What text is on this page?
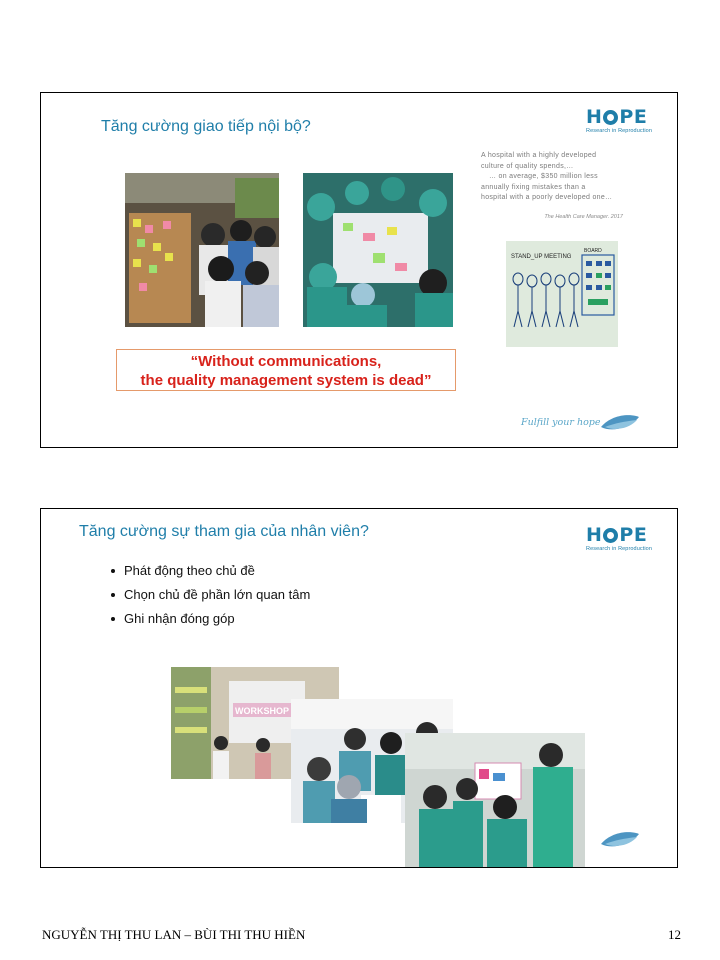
Tăng cường giao tiếp nội bộ?	H PE
Research in Reproduction
“Without communications,
the quality management system is dead”
A hospital with a highly developed
culture of quality spends,…
… on average, $350 million less
annually fixing mistakes than a
hospital with a poorly developed one…
The Health Care Manager. 2017
STAND_UP MEETING
BOARD
Fulfill your hope
Tăng cường sự tham gia của nhân viên?	H PE
Research in Reproduction
Phát động theo chủ đề
Chọn chủ đề phần lớn quan tâm
Ghi nhận đóng góp
WORKSHOP
NGUYỄN THỊ THU LAN – BÙI THI THU HIỀN	12
